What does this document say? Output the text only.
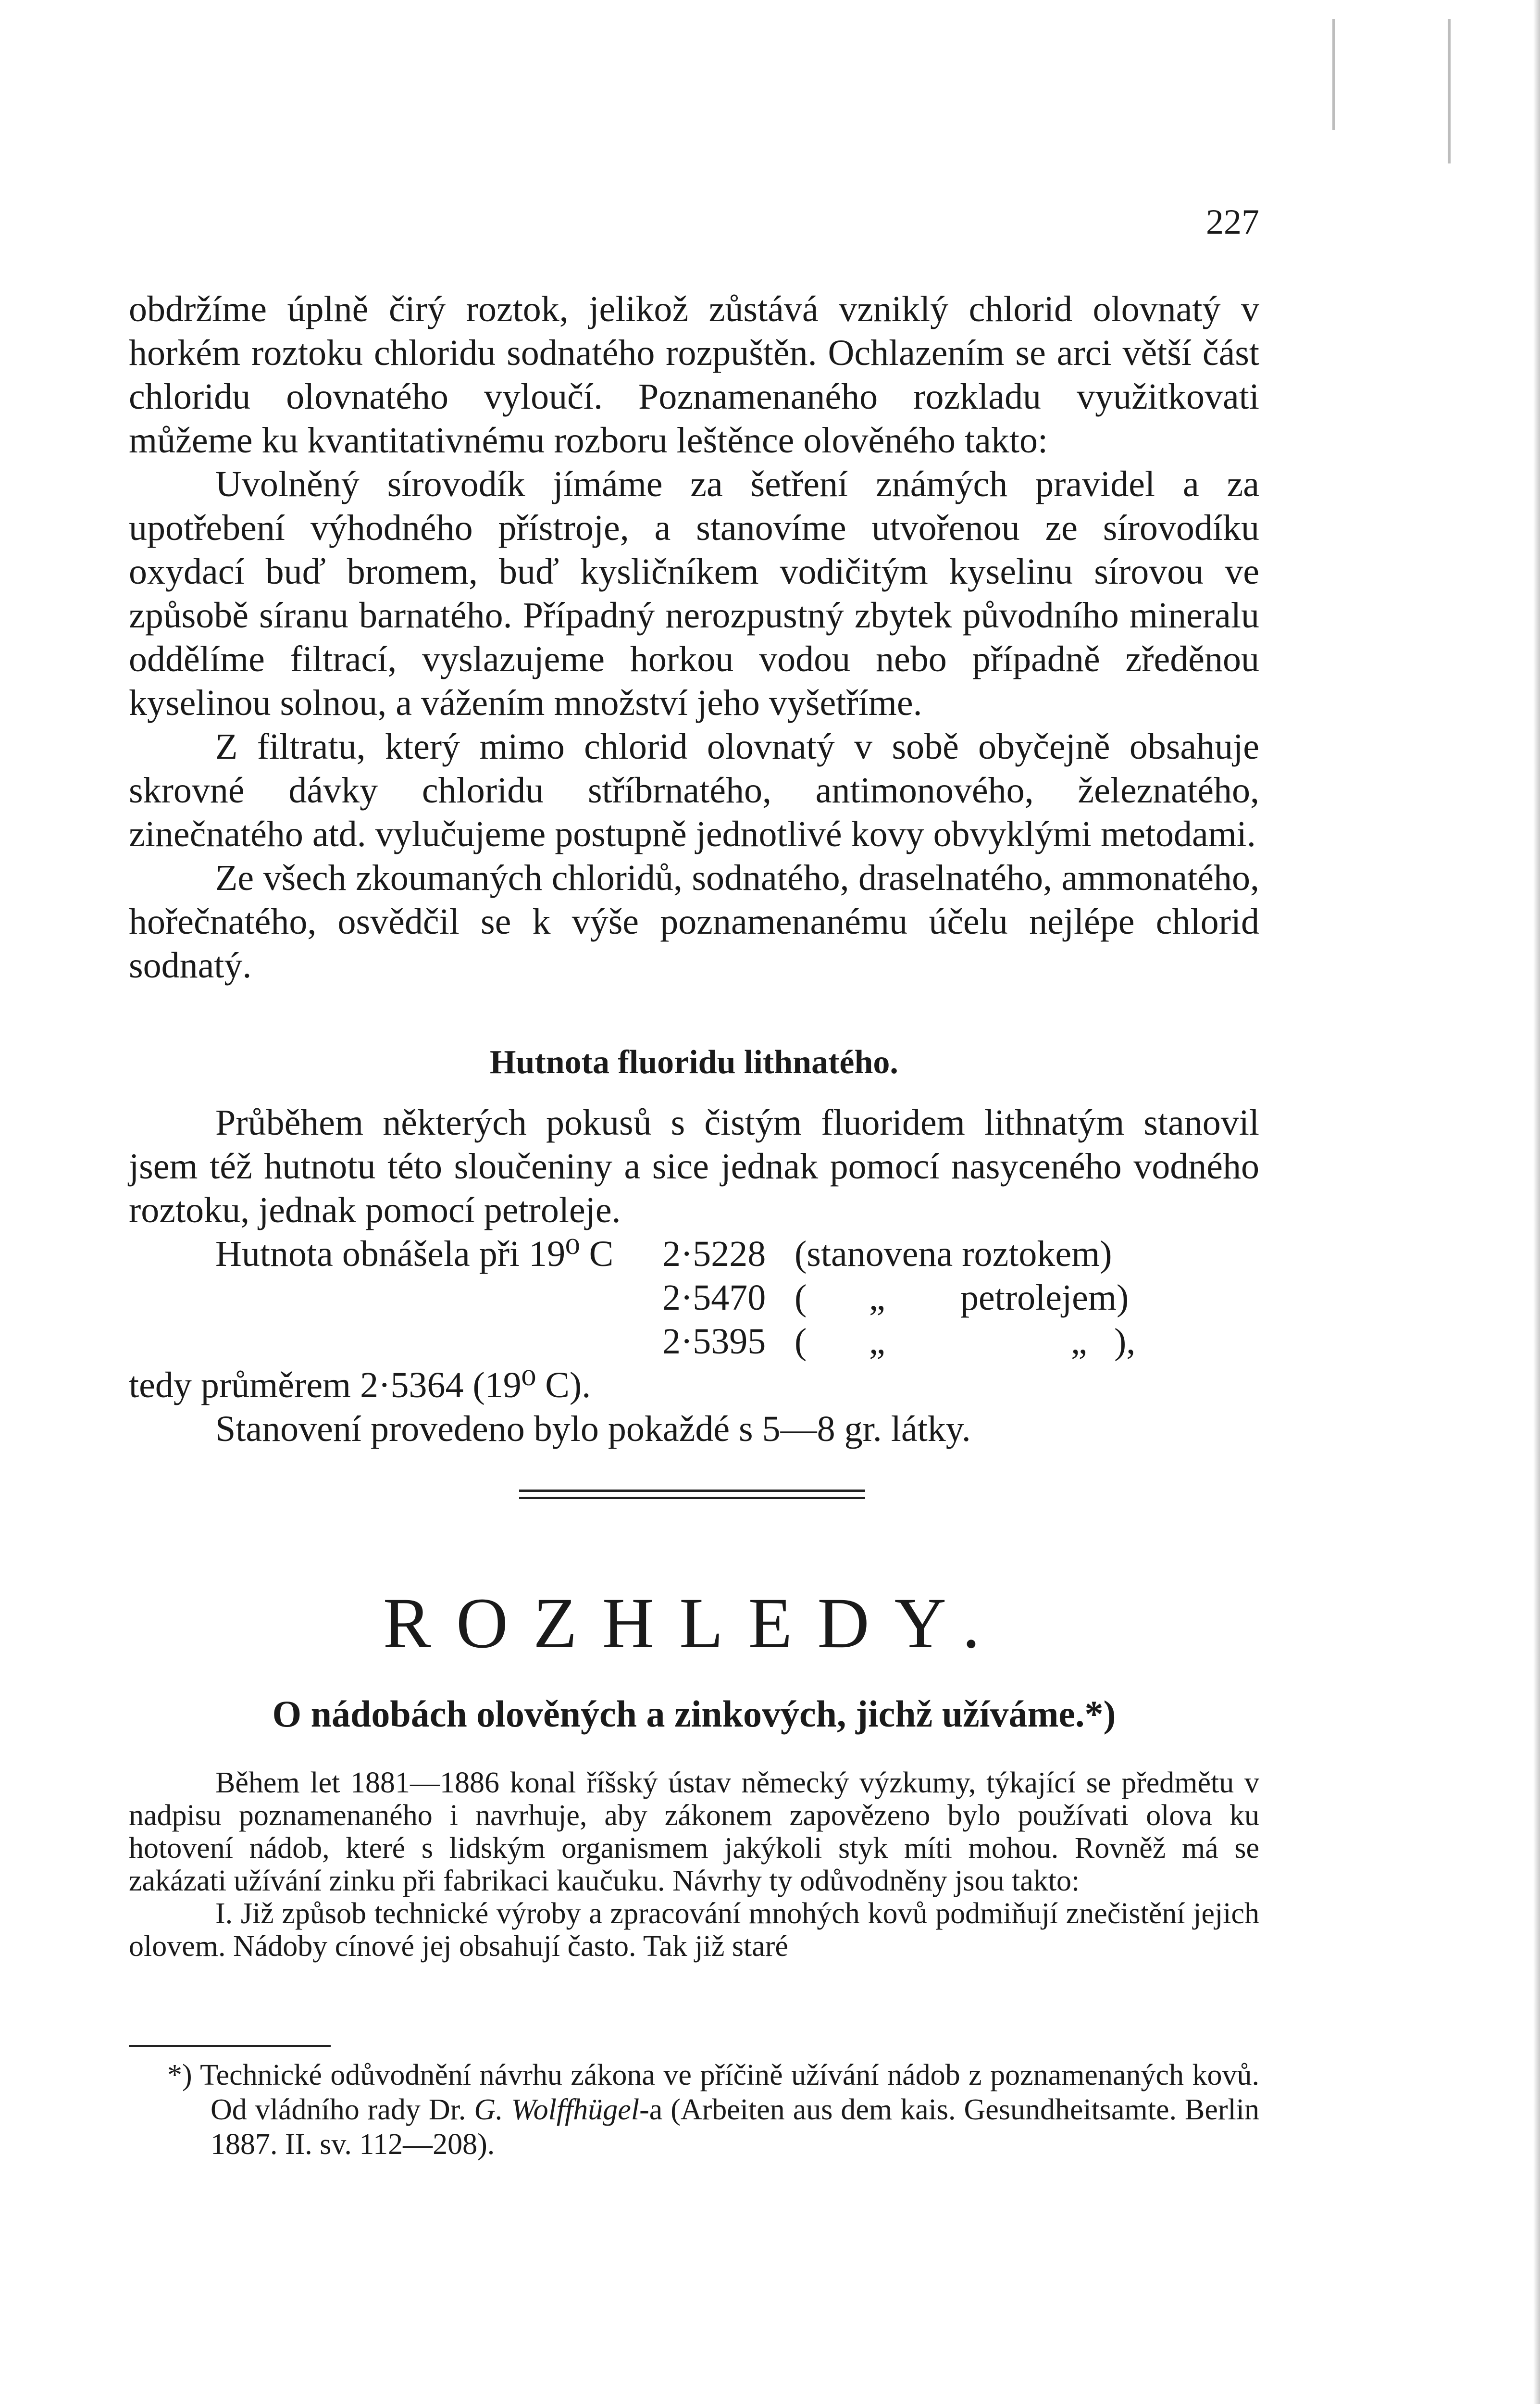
227

obdržíme úplně čirý roztok, jelikož zůstává vzniklý chlorid olovnatý v horkém roztoku chloridu sodnatého rozpuštěn. Ochlazením se arci větší část chloridu olovnatého vyloučí. Poznamenaného rozkladu využitkovati můžeme ku kvantitativnému rozboru leštěnce olověného takto:

Uvolněný sírovodík jímáme za šetření známých pravidel a za upotřebení výhodného přístroje, a stanovíme utvořenou ze sírovodíku oxydací buď bromem, buď kysličníkem vodičitým kyselinu sírovou ve způsobě síranu barnatého. Případný nerozpustný zbytek původního mineralu oddělíme filtrací, vyslazujeme horkou vodou nebo případně zředěnou kyselinou solnou, a vážením množství jeho vyšetříme.

Z filtratu, který mimo chlorid olovnatý v sobě obyčejně obsahuje skrovné dávky chloridu stříbrnatého, antimonového, železnatého, zinečnatého atd. vylučujeme postupně jednotlivé kovy obvyklými metodami.

Ze všech zkoumaných chloridů, sodnatého, draselnatého, ammonatého, hořečnatého, osvědčil se k výše poznamenanému účelu nejlépe chlorid sodnatý.

Hutnota fluoridu lithnatého.

Průběhem některých pokusů s čistým fluoridem lithnatým stanovil jsem též hutnotu této sloučeniny a sice jednak pomocí nasyceného vodného roztoku, jednak pomocí petroleje.

Hutnota obnášela při 19⁰ C 2·5228 (stanovena roztokem)
2·5470 ( „ petrolejem)
2·5395 ( „	„ ),
tedy průměrem 2·5364 (19⁰ C).
Stanovení provedeno bylo pokaždé s 5—8 gr. látky.
ROZHLEDY.
O nádobách olověných a zinkových, jichž užíváme.*)

Během let 1881—1886 konal říšský ústav německý výzkumy, týkající se předmětu v nadpisu poznamenaného i navrhuje, aby zákonem zapovězeno bylo používati olova ku hotovení nádob, které s lidským organismem jakýkoli styk míti mohou. Rovněž má se zakázati užívání zinku při fabrikaci kaučuku. Návrhy ty odůvodněny jsou takto:

I. Již způsob technické výroby a zpracování mnohých kovů podmiňují znečistění jejich olovem. Nádoby cínové jej obsahují často. Tak již staré

*) Technické odůvodnění návrhu zákona ve příčině užívání nádob z poznamenaných kovů. Od vládního rady Dr. G. Wolffhügel-a (Arbeiten aus dem kais. Gesundheitsamte. Berlin 1887. II. sv. 112—208).
